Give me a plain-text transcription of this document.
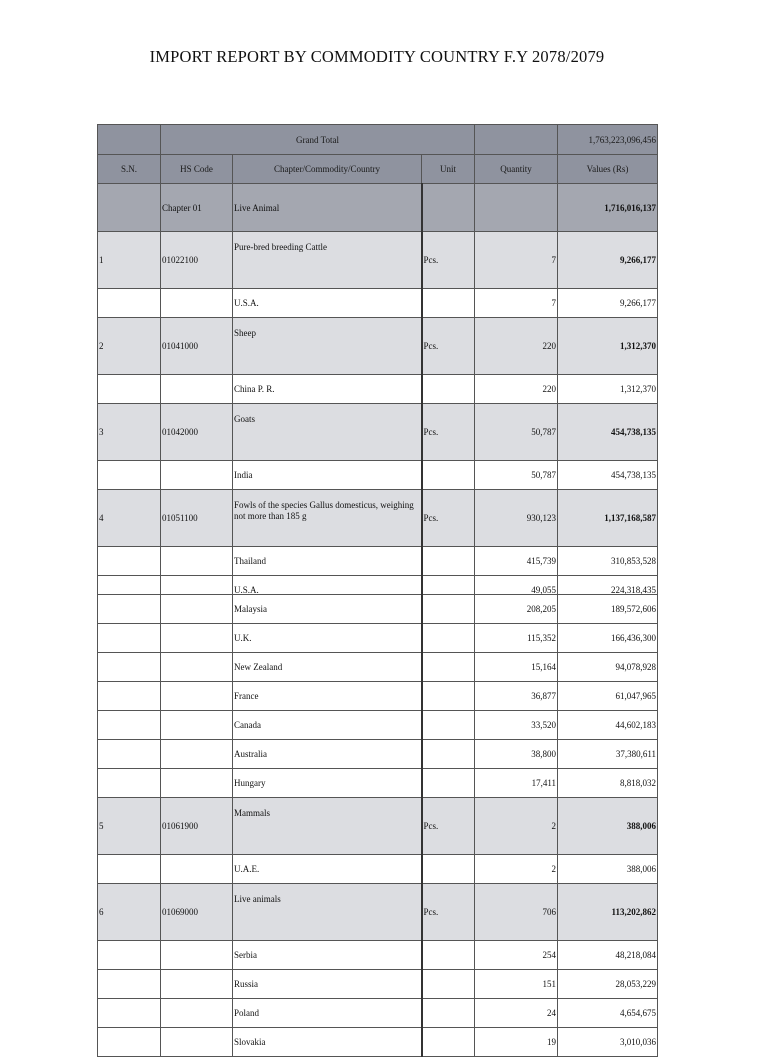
IMPORT REPORT BY COMMODITY COUNTRY F.Y 2078/2079
	Grand Total				1,763,223,096,456
S.N.	HS Code	Chapter/Commodity/Country	Unit	Quantity	Values (Rs)
	Chapter 01	Live Animal			1,716,016,137
1	01022100	Pure-bred breeding Cattle	Pcs.	7	9,266,177
		U.S.A.		7	9,266,177
2	01041000	Sheep	Pcs.	220	1,312,370
		China P. R.		220	1,312,370
3	01042000	Goats	Pcs.	50,787	454,738,135
		India		50,787	454,738,135
4	01051100	Fowls of the species Gallus domesticus, weighing not more than 185 g	Pcs.	930,123	1,137,168,587
		Thailand		415,739	310,853,528
		U.S.A.		49,055	224,318,435
		Malaysia		208,205	189,572,606
		U.K.		115,352	166,436,300
		New Zealand		15,164	94,078,928
		France		36,877	61,047,965
		Canada		33,520	44,602,183
		Australia		38,800	37,380,611
		Hungary		17,411	8,818,032
5	01061900	Mammals	Pcs.	2	388,006
		U.A.E.		2	388,006
6	01069000	Live animals	Pcs.	706	113,202,862
		Serbia		254	48,218,084
		Russia		151	28,053,229
		Poland		24	4,654,675
		Slovakia		19	3,010,036
